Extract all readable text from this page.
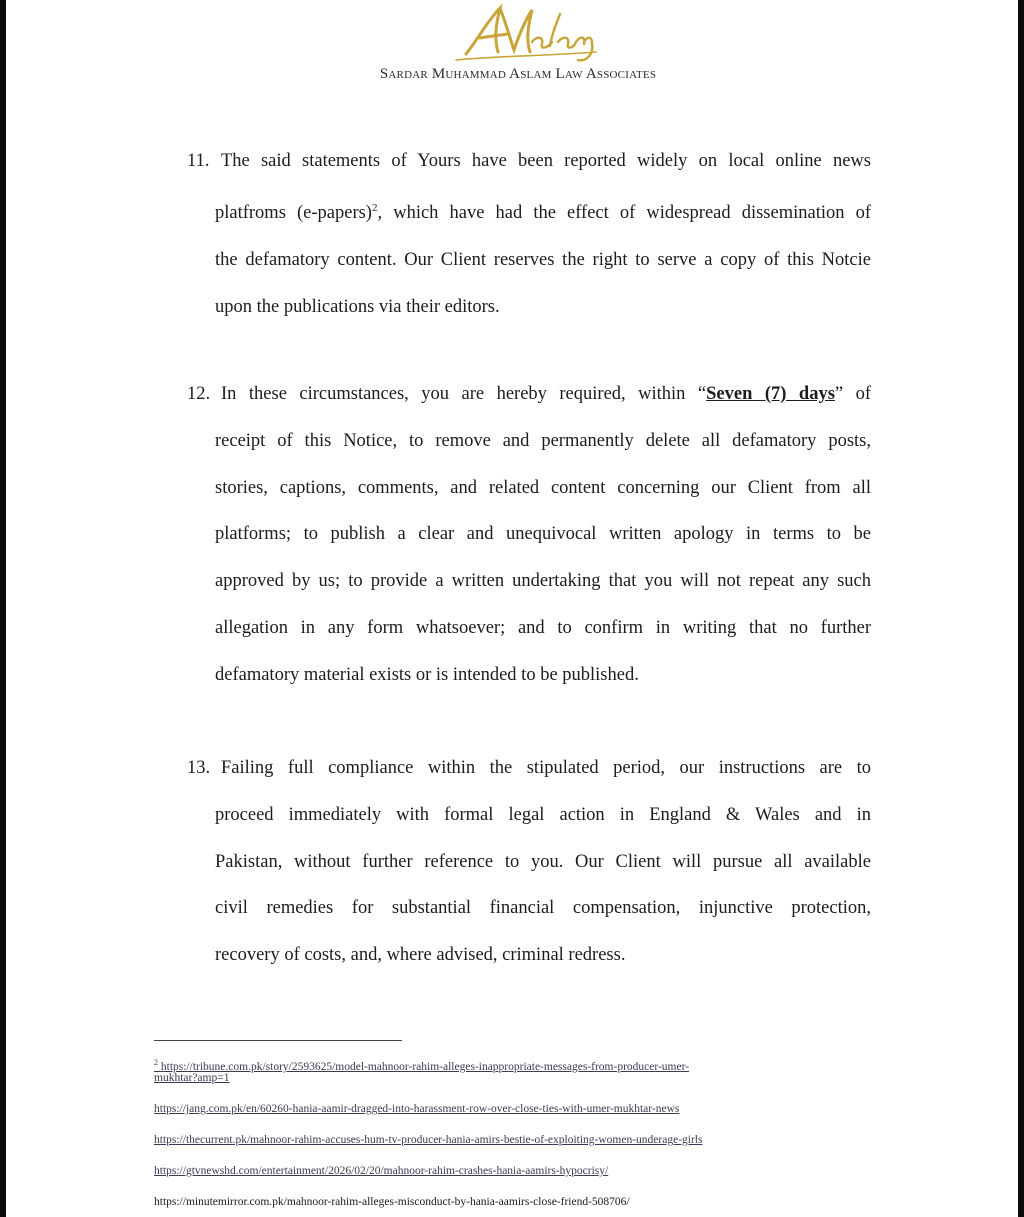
Sardar Muhammad Aslam Law Associates
11. The said statements of Yours have been reported widely on local online news
platfroms (e-papers)$^2$, which have had the effect of widespread dissemination of
the defamatory content. Our Client reserves the right to serve a copy of this Notcie
upon the publications via their editors.
12. In these circumstances, you are hereby required, within “Seven (7) days” of
receipt of this Notice, to remove and permanently delete all defamatory posts,
stories, captions, comments, and related content concerning our Client from all
platforms; to publish a clear and unequivocal written apology in terms to be
approved by us; to provide a written undertaking that you will not repeat any such
allegation in any form whatsoever; and to confirm in writing that no further
defamatory material exists or is intended to be published.
13. Failing full compliance within the stipulated period, our instructions are to
proceed immediately with formal legal action in England & Wales and in
Pakistan, without further reference to you. Our Client will pursue all available
civil remedies for substantial financial compensation, injunctive protection,
recovery of costs, and, where advised, criminal redress.
$^2$ https://tribune.com.pk/story/2593625/model-mahnoor-rahim-alleges-inappropriate-messages-from-producer-umer-
mukhtar?amp=1
https://jang.com.pk/en/60260-hania-aamir-dragged-into-harassment-row-over-close-ties-with-umer-mukhtar-news
https://thecurrent.pk/mahnoor-rahim-accuses-hum-tv-producer-hania-amirs-bestie-of-exploiting-women-underage-girls
https://gtvnewshd.com/entertainment/2026/02/20/mahnoor-rahim-crashes-hania-aamirs-hypocrisy/
https://minutemirror.com.pk/mahnoor-rahim-alleges-misconduct-by-hania-aamirs-close-friend-508706/
